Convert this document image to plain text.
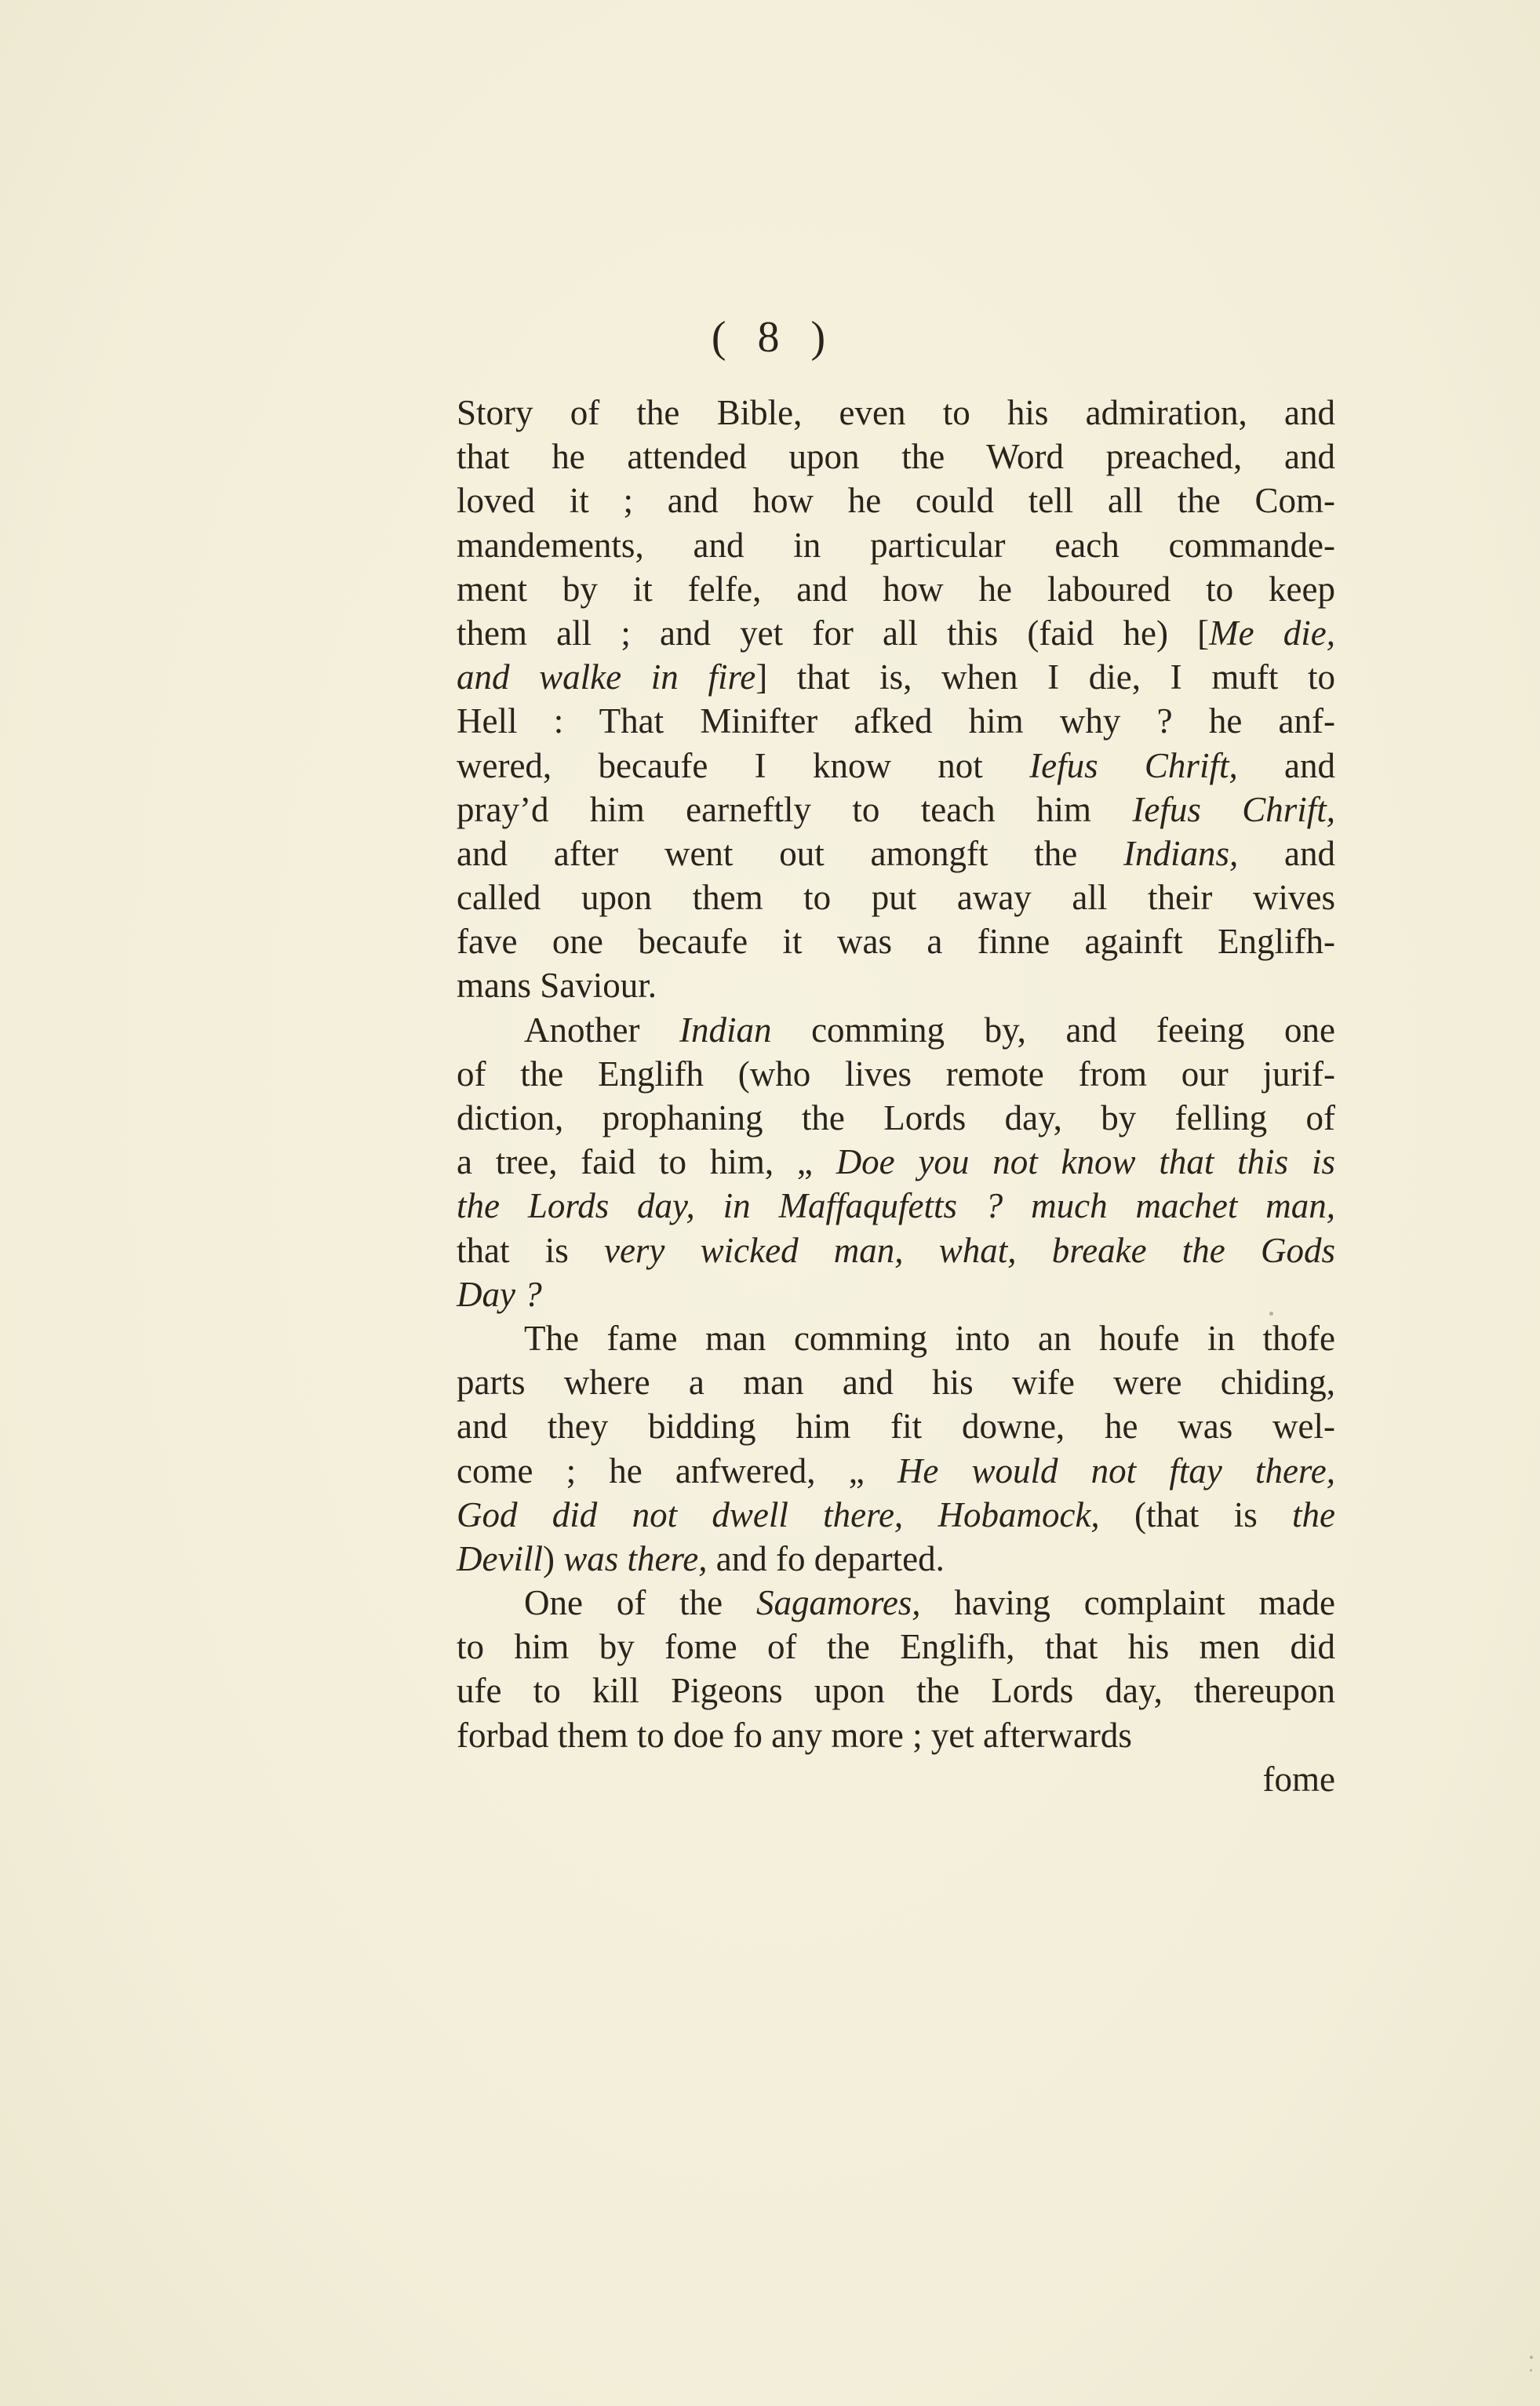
( 8 )
Story of the Bible, even to his admiration, and
that he attended upon the Word preached, and
loved it ; and how he could tell all the Com-
mandements, and in particular each commande-
ment by it felfe, and how he laboured to keep
them all ; and yet for all this (faid he) [Me die,
and walke in fire] that is, when I die, I muft to
Hell : That Minifter afked him why ? he anf-
wered, becaufe I know not Iefus Chrift, and
pray’d him earneftly to teach him Iefus Chrift,
and after went out amongft the Indians, and
called upon them to put away all their wives
fave one becaufe it was a finne againft Englifh-
mans Saviour.
Another Indian comming by, and feeing one
of the Englifh (who lives remote from our jurif-
diction, prophaning the Lords day, by felling of
a tree, faid to him, „ Doe you not know that this is
the Lords day, in Maffaqufetts ? much machet man,
that is very wicked man, what, breake the Gods
Day ?
The fame man comming into an houfe in thofe
parts where a man and his wife were chiding,
and they bidding him fit downe, he was wel-
come ; he anfwered, „ He would not ftay there,
God did not dwell there, Hobamock, (that is the
Devill) was there, and fo departed.
One of the Sagamores, having complaint made
to him by fome of the Englifh, that his men did
ufe to kill Pigeons upon the Lords day, thereupon
forbad them to doe fo any more ; yet afterwards
fome
